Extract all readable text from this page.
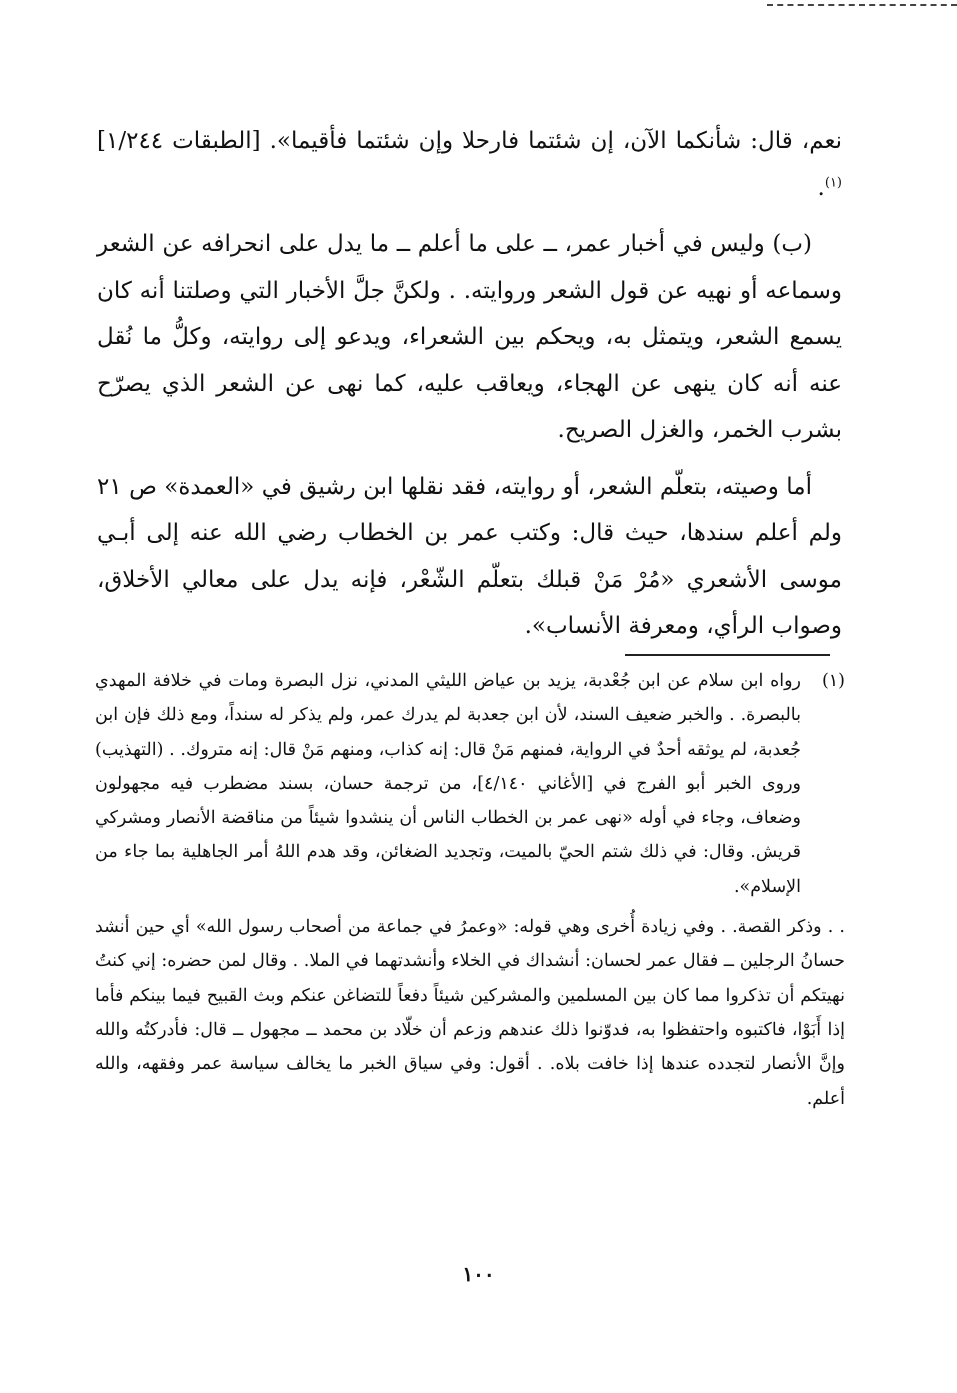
نعم، قال: شأنكما الآن، إن شئتما فارحلا وإن شئتما فأقيما». [الطبقات ١/٢٤٤]$^{(١)}$.

(ب) وليس في أخبار عمر، ــ على ما أعلم ــ ما يدل على انحرافه عن الشعر وسماعه أو نهيه عن قول الشعر وروايته. . ولكنَّ جلَّ الأخبار التي وصلتنا أنه كان يسمع الشعر، ويتمثل به، ويحكم بين الشعراء، ويدعو إلى روايته، وكلُّ ما نُقل عنه أنه كان ينهى عن الهجاء، ويعاقب عليه، كما نهى عن الشعر الذي يصرّح بشرب الخمر، والغزل الصريح.

أما وصيته، بتعلّم الشعر، أو روايته، فقد نقلها ابن رشيق في «العمدة» ص ٢١ ولم أعلم سندها، حيث قال: وكتب عمر بن الخطاب رضي الله عنه إلى أبـي موسى الأشعري «مُرْ مَنْ قبلك بتعلّم الشّعْر، فإنه يدل على معالي الأخلاق، وصواب الرأي، ومعرفة الأنساب».

(١)

رواه ابن سلام عن ابن جُعْدبة، يزيد بن عياض الليثي المدني، نزل البصرة ومات في خلافة المهدي بالبصرة. . والخبر ضعيف السند، لأن ابن جعدبة لم يدرك عمر، ولم يذكر له سنداً، ومع ذلك فإن ابن جُعدبة، لم يوثقه أحدٌ في الرواية، فمنهم مَنْ قال: إنه كذاب، ومنهم مَنْ قال: إنه متروك. . (التهذيب) وروى الخبر أبو الفرج في [الأغاني ٤/١٤٠]، من ترجمة حسان، بسند مضطرب فيه مجهولون وضعاف، وجاء في أوله «نهى عمر بن الخطاب الناس أن ينشدوا شيئاً من مناقضة الأنصار ومشركي قريش. وقال: في ذلك شتم الحيّ بالميت، وتجديد الضغائن، وقد هدم اللهُ أمر الجاهلية بما جاء من الإسلام».

. . وذكر القصة. . وفي زيادة أُخرى وهي قوله: «وعمرُ في جماعة من أصحاب رسول الله» أي حين أنشد حسانُ الرجلين ــ فقال عمر لحسان: أنشداك في الخلاء وأنشدتهما في الملا. . وقال لمن حضره: إني كنتُ نهيتكم أن تذكروا مما كان بين المسلمين والمشركين شيئاً دفعاً للتضاغن عنكم وبث القبيح فيما بينكم فأما إذا أَبَوْا، فاكتبوه واحتفظوا به، فدوّنوا ذلك عندهم وزعم أن خلّاد بن محمد ــ مجهول ــ قال: فأدركتُه والله وإنَّ الأنصار لتجدده عندها إذا خافت بلاه. . أقول: وفي سياق الخبر ما يخالف سياسة عمر وفقهه، والله أعلم.

١٠٠
